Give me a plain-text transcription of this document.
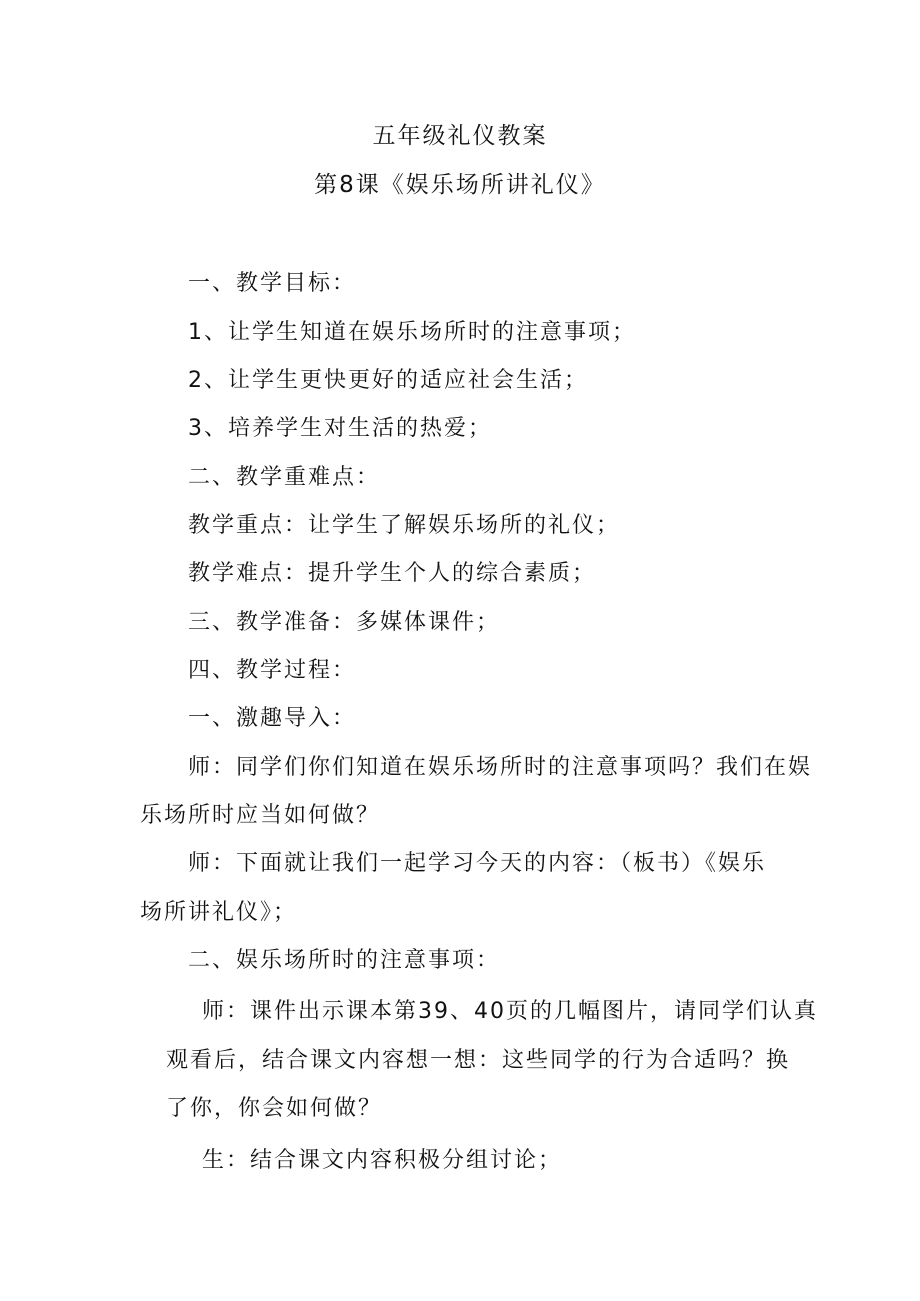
五年级礼仪教案
第8课《娱乐场所讲礼仪》
一、教学目标：
1、让学生知道在娱乐场所时的注意事项；
2、让学生更快更好的适应社会生活；
3、培养学生对生活的热爱；
二、教学重难点：
教学重点：让学生了解娱乐场所的礼仪；
教学难点：提升学生个人的综合素质；
三、教学准备：多媒体课件；
四、教学过程：
一、激趣导入：
师：同学们你们知道在娱乐场所时的注意事项吗？我们在娱
乐场所时应当如何做？
师：下面就让我们一起学习今天的内容：（板书）《娱乐
场所讲礼仪》；
二、娱乐场所时的注意事项：
师：课件出示课本第39、40页的几幅图片，请同学们认真
观看后，结合课文内容想一想：这些同学的行为合适吗？换
了你，你会如何做？
生：结合课文内容积极分组讨论；
